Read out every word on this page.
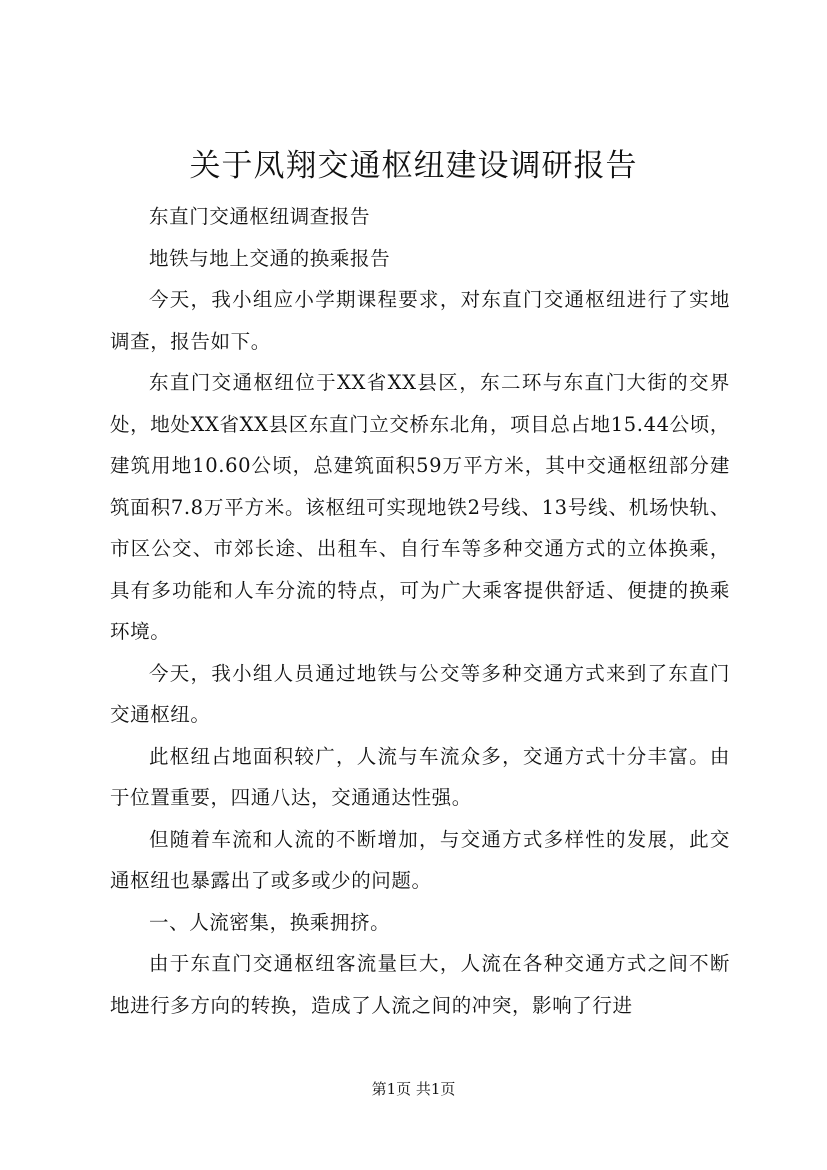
关于凤翔交通枢纽建设调研报告

东直门交通枢纽调查报告

地铁与地上交通的换乘报告

今天，我小组应小学期课程要求，对东直门交通枢纽进行了实地调查，报告如下。

东直门交通枢纽位于XX省XX县区，东二环与东直门大街的交界处，地处XX省XX县区东直门立交桥东北角，项目总占地15.44公顷，建筑用地10.60公顷，总建筑面积59万平方米，其中交通枢纽部分建筑面积7.8万平方米。该枢纽可实现地铁2号线、13号线、机场快轨、市区公交、市郊长途、出租车、自行车等多种交通方式的立体换乘，具有多功能和人车分流的特点，可为广大乘客提供舒适、便捷的换乘环境。

今天，我小组人员通过地铁与公交等多种交通方式来到了东直门交通枢纽。

此枢纽占地面积较广，人流与车流众多，交通方式十分丰富。由于位置重要，四通八达，交通通达性强。

但随着车流和人流的不断增加，与交通方式多样性的发展，此交通枢纽也暴露出了或多或少的问题。

一、人流密集，换乘拥挤。

由于东直门交通枢纽客流量巨大，人流在各种交通方式之间不断地进行多方向的转换，造成了人流之间的冲突，影响了行进

第1页 共1页
